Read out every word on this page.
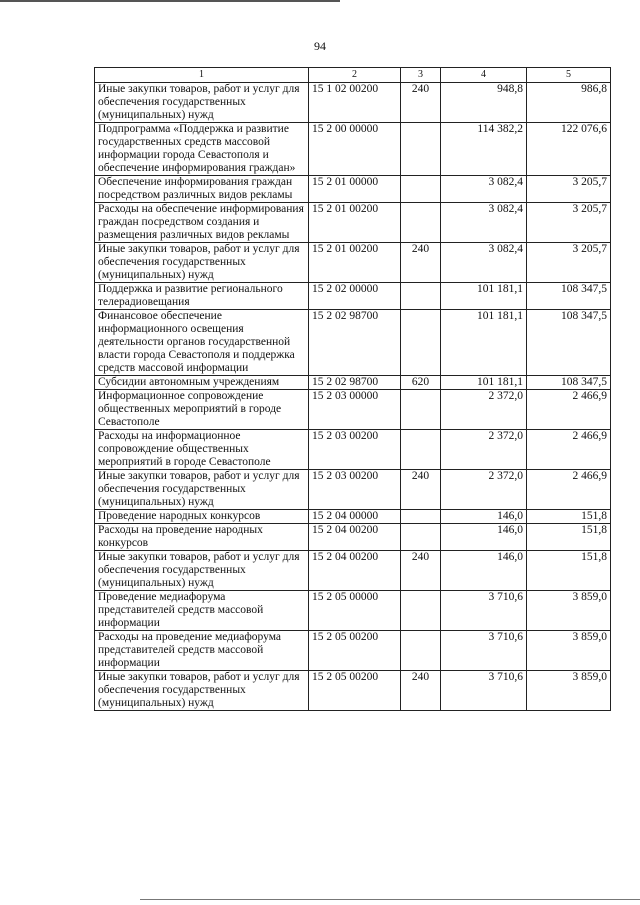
94
1	2	3	4	5
Иные закупки товаров, работ и услуг для обеспечения государственных (муниципальных) нужд	15 1 02 00200	240	948,8	986,8
Подпрограмма «Поддержка и развитие государственных средств массовой информации города Севастополя и обеспечение информирования граждан»	15 2 00 00000		114 382,2	122 076,6
Обеспечение информирования граждан посредством различных видов рекламы	15 2 01 00000		3 082,4	3 205,7
Расходы на обеспечение информирования граждан посредством создания и размещения различных видов рекламы	15 2 01 00200		3 082,4	3 205,7
Иные закупки товаров, работ и услуг для обеспечения государственных (муниципальных) нужд	15 2 01 00200	240	3 082,4	3 205,7
Поддержка и развитие регионального телерадиовещания	15 2 02 00000		101 181,1	108 347,5
Финансовое обеспечение информационного освещения деятельности органов государственной власти города Севастополя и поддержка средств массовой информации	15 2 02 98700		101 181,1	108 347,5
Субсидии автономным учреждениям	15 2 02 98700	620	101 181,1	108 347,5
Информационное сопровождение общественных мероприятий в городе Севастополе	15 2 03 00000		2 372,0	2 466,9
Расходы на информационное сопровождение общественных мероприятий в городе Севастополе	15 2 03 00200		2 372,0	2 466,9
Иные закупки товаров, работ и услуг для обеспечения государственных (муниципальных) нужд	15 2 03 00200	240	2 372,0	2 466,9
Проведение народных конкурсов	15 2 04 00000		146,0	151,8
Расходы на проведение народных конкурсов	15 2 04 00200		146,0	151,8
Иные закупки товаров, работ и услуг для обеспечения государственных (муниципальных) нужд	15 2 04 00200	240	146,0	151,8
Проведение медиафорума представителей средств массовой информации	15 2 05 00000		3 710,6	3 859,0
Расходы на проведение медиафорума представителей средств массовой информации	15 2 05 00200		3 710,6	3 859,0
Иные закупки товаров, работ и услуг для обеспечения государственных (муниципальных) нужд	15 2 05 00200	240	3 710,6	3 859,0
